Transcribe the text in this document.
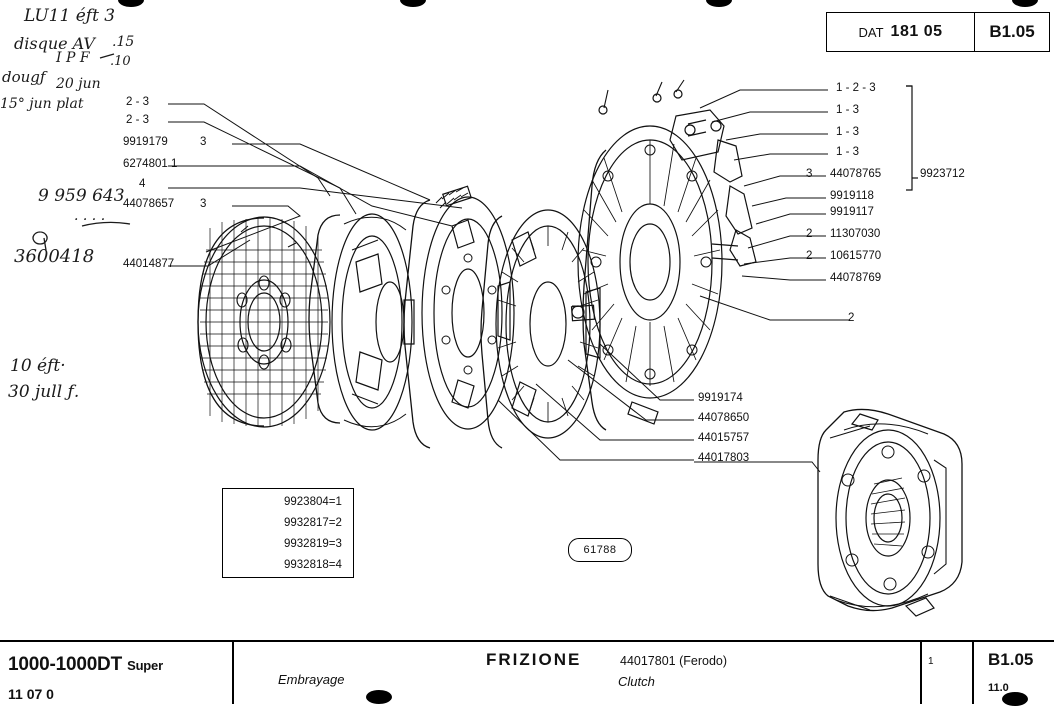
DAT 181 05	B1.05
2 - 3
2 - 3
9919179	3
6274801 1
4
44078657 3
44014877
1 - 2 - 3
1 - 3
1 - 3
1 - 3
3 44078765
9919118
9919117
2 11307030
2 10615770
44078769
2
9923712
9919174
44078650
44015757
44017803
9923804=1
9932817=2
9932819=3
9932818=4
61788
LU11 éƒt 3
disque AV .15
I P F .10
dougƒ 20 jun
15° jun plat
9 959 643
· · · ·
3600418
10 éƒt·
30 jull ƒ.
1000-1000DT Super
11 07 0
Embrayage
FRIZIONE	44017801 (Ferodo)
Clutch
1	B1.05
11.0
